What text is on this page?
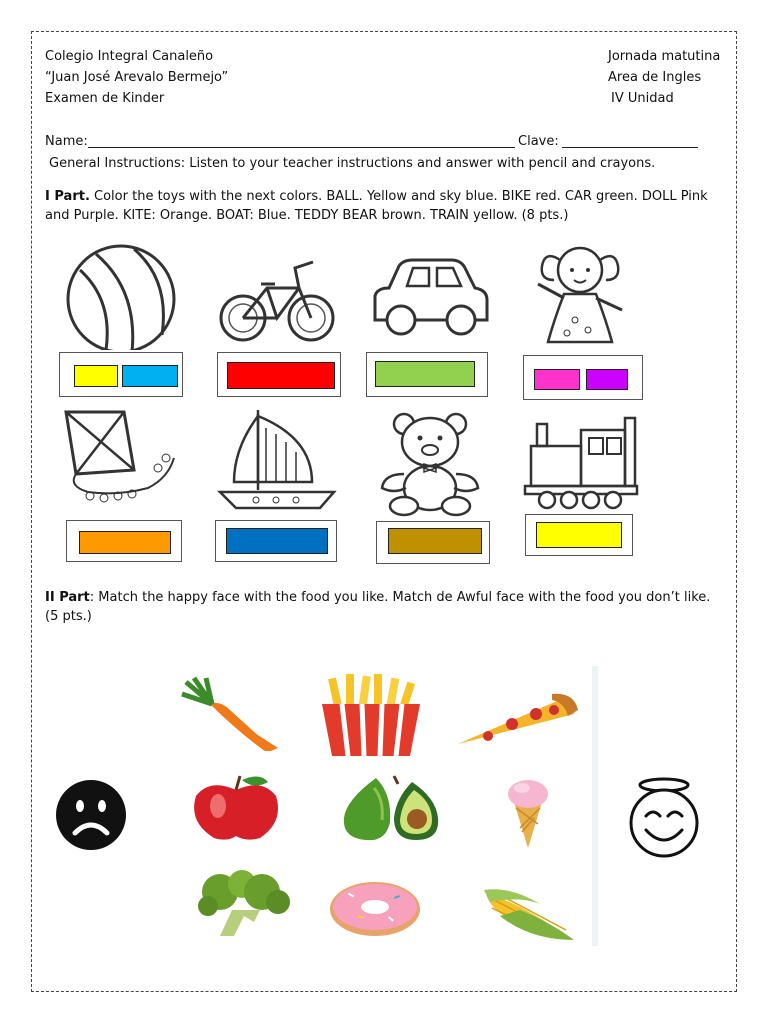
Colegio Integral Canaleño
“Juan José Arevalo Bermejo”
Examen de Kinder
Jornada matutina
Area de Ingles
IV Unidad
Name:	Clave:
General Instructions: Listen to your teacher instructions and answer with pencil and crayons.
I Part. Color the toys with the next colors. BALL. Yellow and sky blue. BIKE red. CAR green. DOLL Pink and Purple. KITE: Orange. BOAT: Blue. TEDDY BEAR brown. TRAIN yellow. (8 pts.)
II Part: Match the happy face with the food you like. Match de Awful face with the food you don’t like. (5 pts.)
